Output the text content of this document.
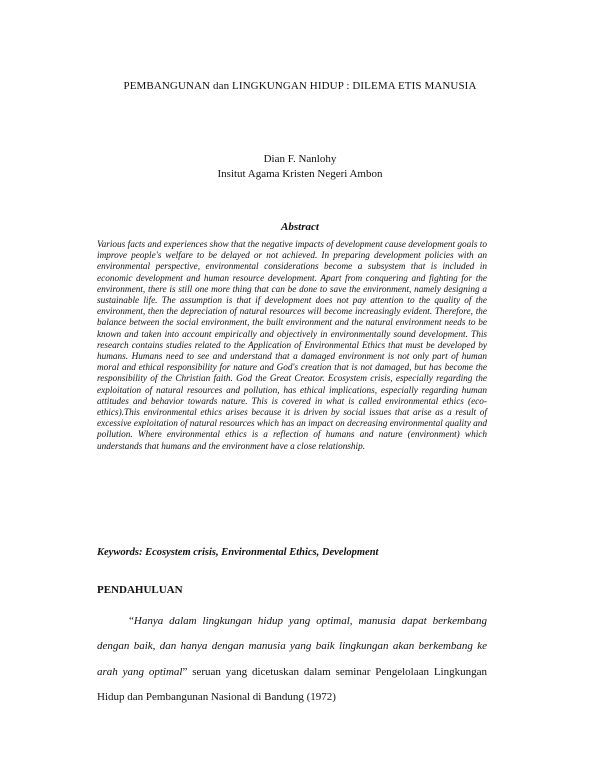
PEMBANGUNAN dan LINGKUNGAN HIDUP : DILEMA ETIS MANUSIA
Dian F. Nanlohy
Insitut Agama Kristen Negeri Ambon
Abstract

Various facts and experiences show that the negative impacts of development cause development goals to improve people's welfare to be delayed or not achieved. In preparing development policies with an environmental perspective, environmental considerations become a subsystem that is included in economic development and human resource development. Apart from conquering and fighting for the environment, there is still one more thing that can be done to save the environment, namely designing a sustainable life. The assumption is that if development does not pay attention to the quality of the environment, then the depreciation of natural resources will become increasingly evident. Therefore, the balance between the social environment, the built environment and the natural environment needs to be known and taken into account empirically and objectively in environmentally sound development. This research contains studies related to the Application of Environmental Ethics that must be developed by humans. Humans need to see and understand that a damaged environment is not only part of human moral and ethical responsibility for nature and God's creation that is not damaged, but has become the responsibility of the Christian faith. God the Great Creator. Ecosystem crisis, especially regarding the exploitation of natural resources and pollution, has ethical implications, especially regarding human attitudes and behavior towards nature. This is covered in what is called environmental ethics (eco-ethics).This environmental ethics arises because it is driven by social issues that arise as a result of excessive exploitation of natural resources which has an impact on decreasing environmental quality and pollution. Where environmental ethics is a reflection of humans and nature (environment) which understands that humans and the environment have a close relationship.

Keywords: Ecosystem crisis, Environmental Ethics, Development
PENDAHULUAN

“Hanya dalam lingkungan hidup yang optimal, manusia dapat berkembang dengan baik, dan hanya dengan manusia yang baik lingkungan akan berkembang ke arah yang optimal” seruan yang dicetuskan dalam seminar Pengelolaan Lingkungan Hidup dan Pembangunan Nasional di Bandung (1972)
